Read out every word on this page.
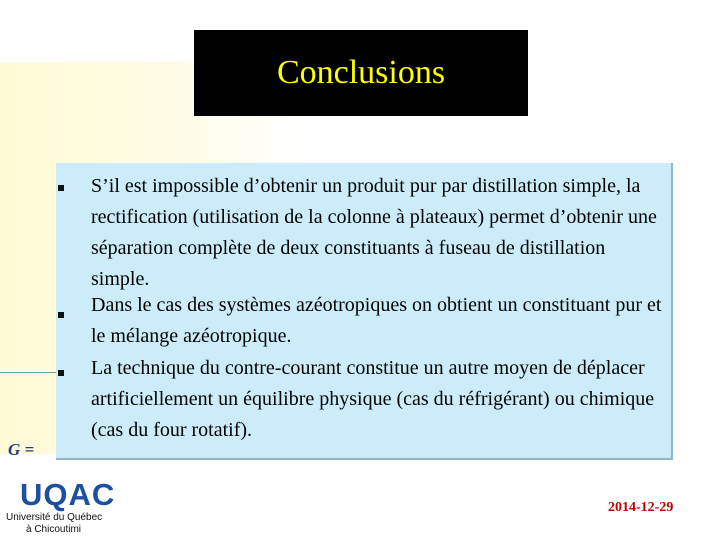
G =
Conclusions
S’il est impossible d’obtenir un produit pur par distillation simple, la rectification (utilisation de la colonne à plateaux) permet d’obtenir une séparation complète de deux constituants à fuseau de distillation simple.
Dans le cas des systèmes azéotropiques on obtient un constituant pur et le mélange azéotropique.
La technique du contre-courant constitue un autre moyen de déplacer artificiellement un équilibre physique (cas du réfrigérant) ou chimique (cas du four rotatif).
UQAC
Université du Québec
à Chicoutimi
2014-12-29
